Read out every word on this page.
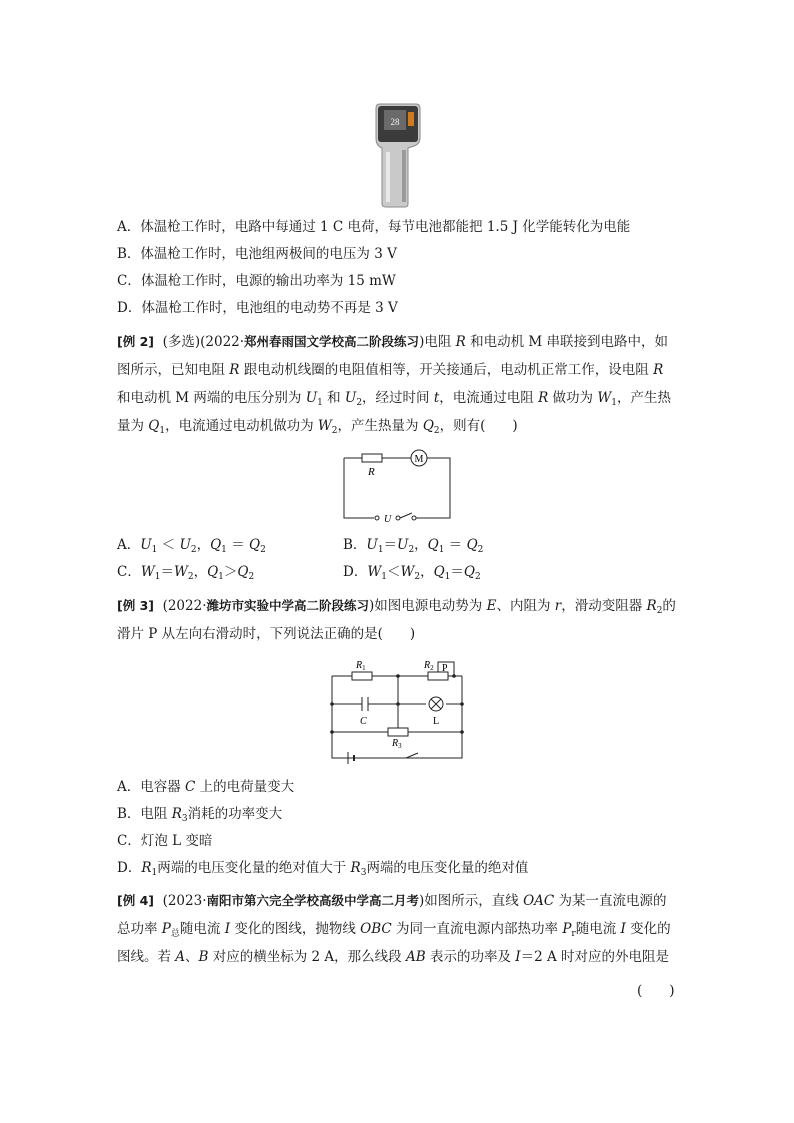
28
A．体温枪工作时，电路中每通过 1 C 电荷，每节电池都能把 1.5 J 化学能转化为电能
B．体温枪工作时，电池组两极间的电压为 3 V
C．体温枪工作时，电源的输出功率为 15 mW
D．体温枪工作时，电池组的电动势不再是 3 V
[例 2] (多选)(2022·郑州春雨国文学校高二阶段练习)电阻 R 和电动机 M 串联接到电路中，如图所示，已知电阻 R 跟电动机线圈的电阻值相等，开关接通后，电动机正常工作，设电阻 R 和电动机 M 两端的电压分别为 $U_1$ 和 $U_2$，经过时间 t，电流通过电阻 R 做功为 $W_1$，产生热量为 $Q_1$，电流通过电动机做功为 $W_2$，产生热量为 $Q_2$，则有(　　)
R
M
U
A．$U_1 < U_2$，$Q_1 = Q_2$	B．$U_1=U_2$，$Q_1 = Q_2$
C．$W_1=W_2$，$Q_1>Q_2$	D．$W_1<W_2$，$Q_1=Q_2$
[例 3] (2022·潍坊市实验中学高二阶段练习)如图电源电动势为 E、内阻为 r，滑动变阻器 $R_2$的滑片 P 从左向右滑动时，下列说法正确的是(　　)
$R_1$	$R_2$ P
C	L
$R_3$
A．电容器 C 上的电荷量变大
B．电阻 $R_3$消耗的功率变大
C．灯泡 L 变暗
D．$R_1$两端的电压变化量的绝对值大于 $R_3$两端的电压变化量的绝对值
[例 4] (2023·南阳市第六完全学校高级中学高二月考)如图所示，直线 OAC 为某一直流电源的总功率 $P_总$随电流 I 变化的图线，抛物线 OBC 为同一直流电源内部热功率 $P_r$随电流 I 变化的图线。若 A、B 对应的横坐标为 2 A，那么线段 AB 表示的功率及 I＝2 A 时对应的外电阻是
(　　)
